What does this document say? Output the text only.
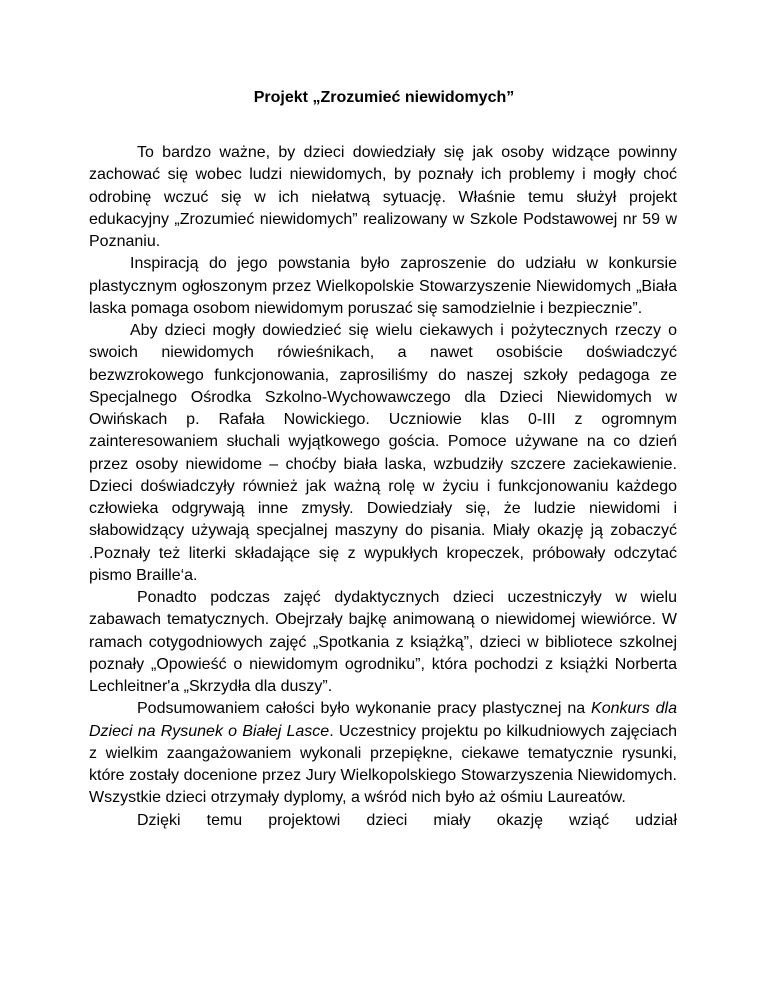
Projekt „Zrozumieć niewidomych”

To bardzo ważne, by dzieci dowiedziały się jak osoby widzące powinny zachować się wobec ludzi niewidomych, by poznały ich problemy i mogły choć odrobinę wczuć się w ich niełatwą sytuację. Właśnie temu służył projekt edukacyjny „Zrozumieć niewidomych” realizowany w Szkole Podstawowej nr 59 w Poznaniu.

Inspiracją do jego powstania było zaproszenie do udziału w konkursie plastycznym ogłoszonym przez Wielkopolskie Stowarzyszenie Niewidomych „Biała laska pomaga osobom niewidomym poruszać się samodzielnie i bezpiecznie”.

Aby dzieci mogły dowiedzieć się wielu ciekawych i pożytecznych rzeczy o swoich niewidomych rówieśnikach, a nawet osobiście doświadczyć bezwzrokowego funkcjonowania, zaprosiliśmy do naszej szkoły pedagoga ze Specjalnego Ośrodka Szkolno-Wychowawczego dla Dzieci Niewidomych w Owińskach p. Rafała Nowickiego. Uczniowie klas 0-III z ogromnym zainteresowaniem słuchali wyjątkowego gościa. Pomoce używane na co dzień przez osoby niewidome – choćby biała laska, wzbudziły szczere zaciekawienie. Dzieci doświadczyły również jak ważną rolę w życiu i funkcjonowaniu każdego człowieka odgrywają inne zmysły. Dowiedziały się, że ludzie niewidomi i słabowidzący używają specjalnej maszyny do pisania. Miały okazję ją zobaczyć .Poznały też literki składające się z wypukłych kropeczek, próbowały odczytać pismo Braille‘a.

Ponadto podczas zajęć dydaktycznych dzieci uczestniczyły w wielu zabawach tematycznych. Obejrzały bajkę animowaną o niewidomej wiewiórce. W ramach cotygodniowych zajęć „Spotkania z książką”, dzieci w bibliotece szkolnej poznały „Opowieść o niewidomym ogrodniku”, która pochodzi z książki Norberta Lechleitner'a „Skrzydła dla duszy”.

Podsumowaniem całości było wykonanie pracy plastycznej na Konkurs dla Dzieci na Rysunek o Białej Lasce. Uczestnicy projektu po kilkudniowych zajęciach z wielkim zaangażowaniem wykonali przepiękne, ciekawe tematycznie rysunki, które zostały docenione przez Jury Wielkopolskiego Stowarzyszenia Niewidomych. Wszystkie dzieci otrzymały dyplomy, a wśród nich było aż ośmiu Laureatów.

Dzięki temu projektowi dzieci miały okazję wziąć udział
